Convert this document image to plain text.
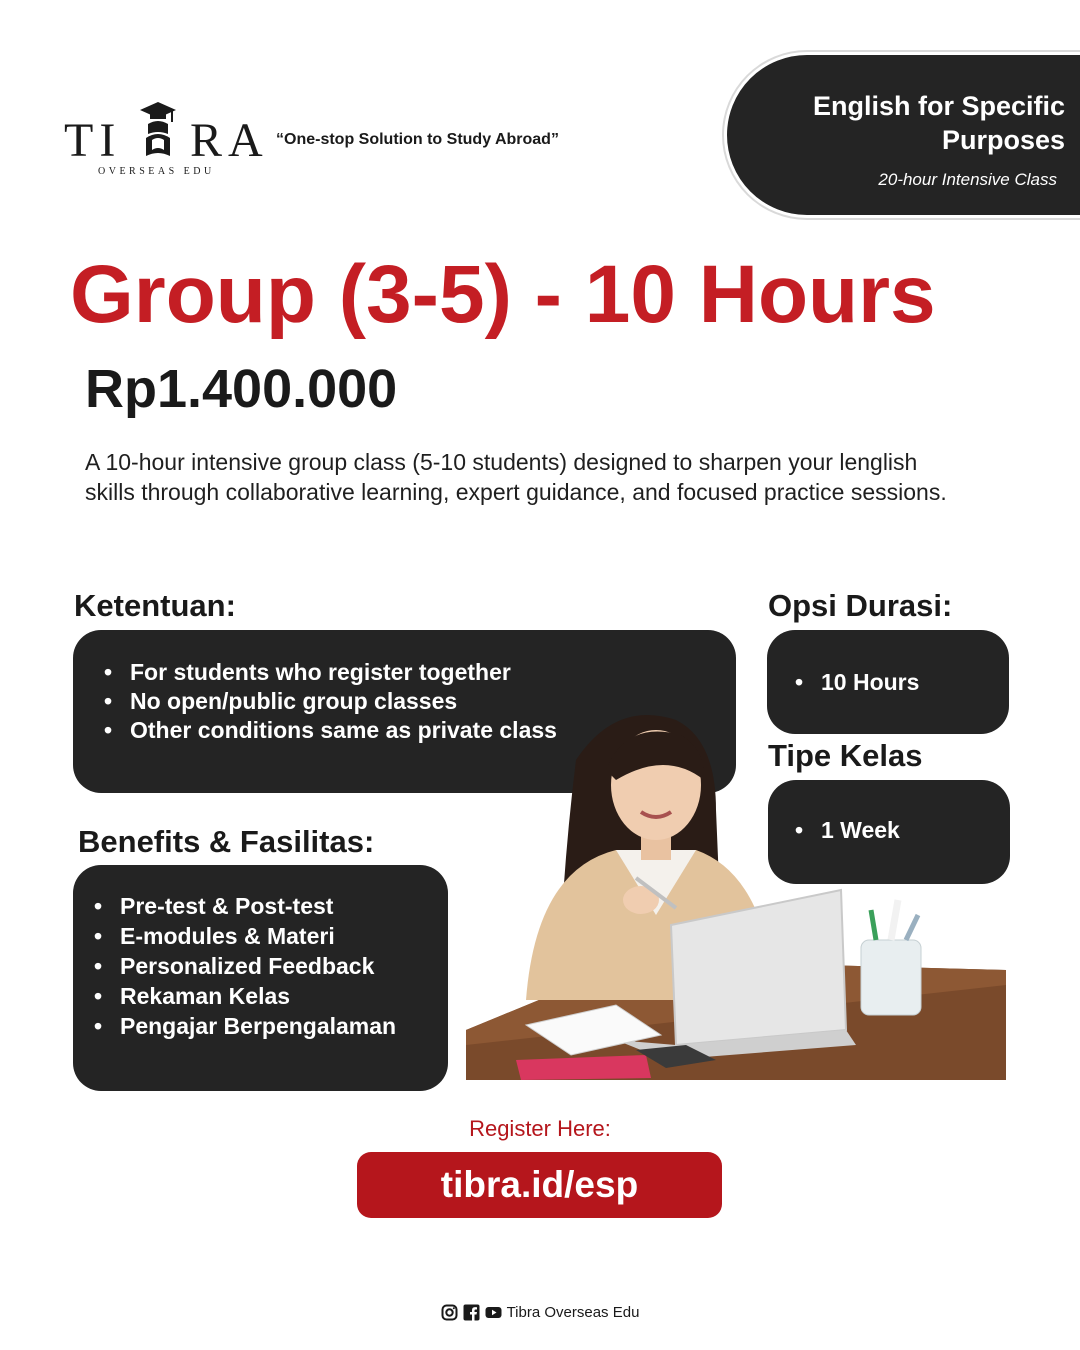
TI RA
OVERSEAS EDU
“One-stop Solution to Study Abroad”
English for Specific Purposes
20-hour Intensive Class
Group (3-5) - 10 Hours
Rp1.400.000
A 10-hour intensive group class (5-10 students) designed to sharpen your lenglish skills through collaborative learning, expert guidance, and focused practice sessions.
Ketentuan:
• For students who register together
• No open/public group classes
• Other conditions same as private class
Opsi Durasi:
• 10 Hours
Tipe Kelas
• 1 Week
Benefits & Fasilitas:
• Pre-test & Post-test
• E-modules & Materi
• Personalized Feedback
• Rekaman Kelas
• Pengajar Berpengalaman
Register Here:
tibra.id/esp
Tibra Overseas Edu
